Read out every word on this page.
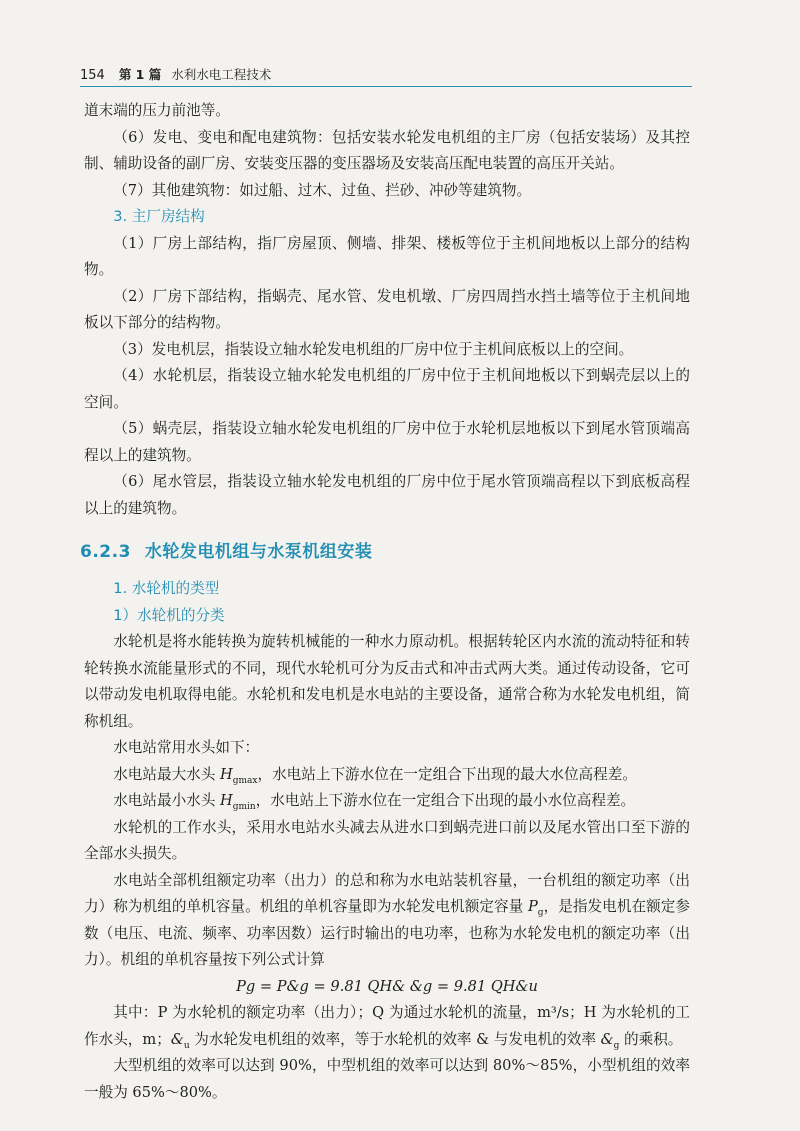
154 第 1 篇 水利水电工程技术

道末端的压力前池等。

（6）发电、变电和配电建筑物：包括安装水轮发电机组的主厂房（包括安装场）及其控制、辅助设备的副厂房、安装变压器的变压器场及安装高压配电装置的高压开关站。

（7）其他建筑物：如过船、过木、过鱼、拦砂、冲砂等建筑物。

3. 主厂房结构

（1）厂房上部结构，指厂房屋顶、侧墙、排架、楼板等位于主机间地板以上部分的结构物。

（2）厂房下部结构，指蜗壳、尾水管、发电机墩、厂房四周挡水挡土墙等位于主机间地板以下部分的结构物。

（3）发电机层，指装设立轴水轮发电机组的厂房中位于主机间底板以上的空间。

（4）水轮机层，指装设立轴水轮发电机组的厂房中位于主机间地板以下到蜗壳层以上的空间。

（5）蜗壳层，指装设立轴水轮发电机组的厂房中位于水轮机层地板以下到尾水管顶端高程以上的建筑物。

（6）尾水管层，指装设立轴水轮发电机组的厂房中位于尾水管顶端高程以下到底板高程以上的建筑物。

6.2.3 水轮发电机组与水泵机组安装

1. 水轮机的类型

1）水轮机的分类

水轮机是将水能转换为旋转机械能的一种水力原动机。根据转轮区内水流的流动特征和转轮转换水流能量形式的不同，现代水轮机可分为反击式和冲击式两大类。通过传动设备，它可以带动发电机取得电能。水轮机和发电机是水电站的主要设备，通常合称为水轮发电机组，简称机组。

水电站常用水头如下：

水电站最大水头 $H_{gmax}$，水电站上下游水位在一定组合下出现的最大水位高程差。

水电站最小水头 $H_{gmin}$，水电站上下游水位在一定组合下出现的最小水位高程差。

水轮机的工作水头，采用水电站水头减去从进水口到蜗壳进口前以及尾水管出口至下游的全部水头损失。

水电站全部机组额定功率（出力）的总和称为水电站装机容量，一台机组的额定功率（出力）称为机组的单机容量。机组的单机容量即为水轮发电机额定容量 $P_g$，是指发电机在额定参数（电压、电流、频率、功率因数）运行时输出的电功率，也称为水轮发电机的额定功率（出力）。机组的单机容量按下列公式计算

Pg = P&g = 9.81 QH& &g = 9.81 QH&u

其中：P 为水轮机的额定功率（出力）；Q 为通过水轮机的流量，m³/s；H 为水轮机的工作水头，m；$\&_u$ 为水轮发电机组的效率，等于水轮机的效率 & 与发电机的效率 $\&_g$ 的乘积。

大型机组的效率可以达到 90%，中型机组的效率可以达到 80%～85%，小型机组的效率一般为 65%～80%。
